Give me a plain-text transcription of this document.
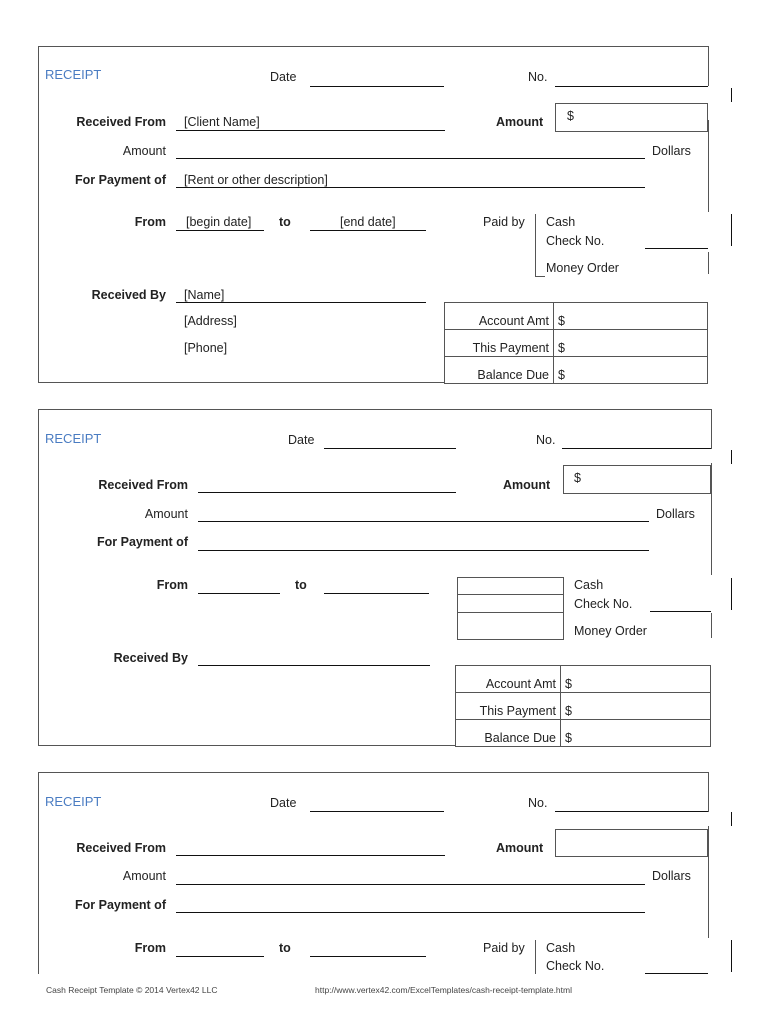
RECEIPT	Date	No.
Received From [Client Name]	Amount $
Amount	Dollars
For Payment of [Rent or other description]
From [begin date] to	[end date]	Paid by Cash
Check No.
Money Order
Received By [Name]
[Address]
[Phone]
Account Amt	$
This Payment	$
Balance Due	$
RECEIPT	Date	No.
Received From	Amount $
Amount	Dollars
For Payment of
From	to	Cash
Check No.
Money Order
Received By
Account Amt	$
This Payment	$
Balance Due	$
RECEIPT	Date	No.
Received From	Amount
Amount	Dollars
For Payment of
From	to	Paid by Cash
Check No.
Cash Receipt Template © 2014 Vertex42 LLC	http://www.vertex42.com/ExcelTemplates/cash-receipt-template.html
